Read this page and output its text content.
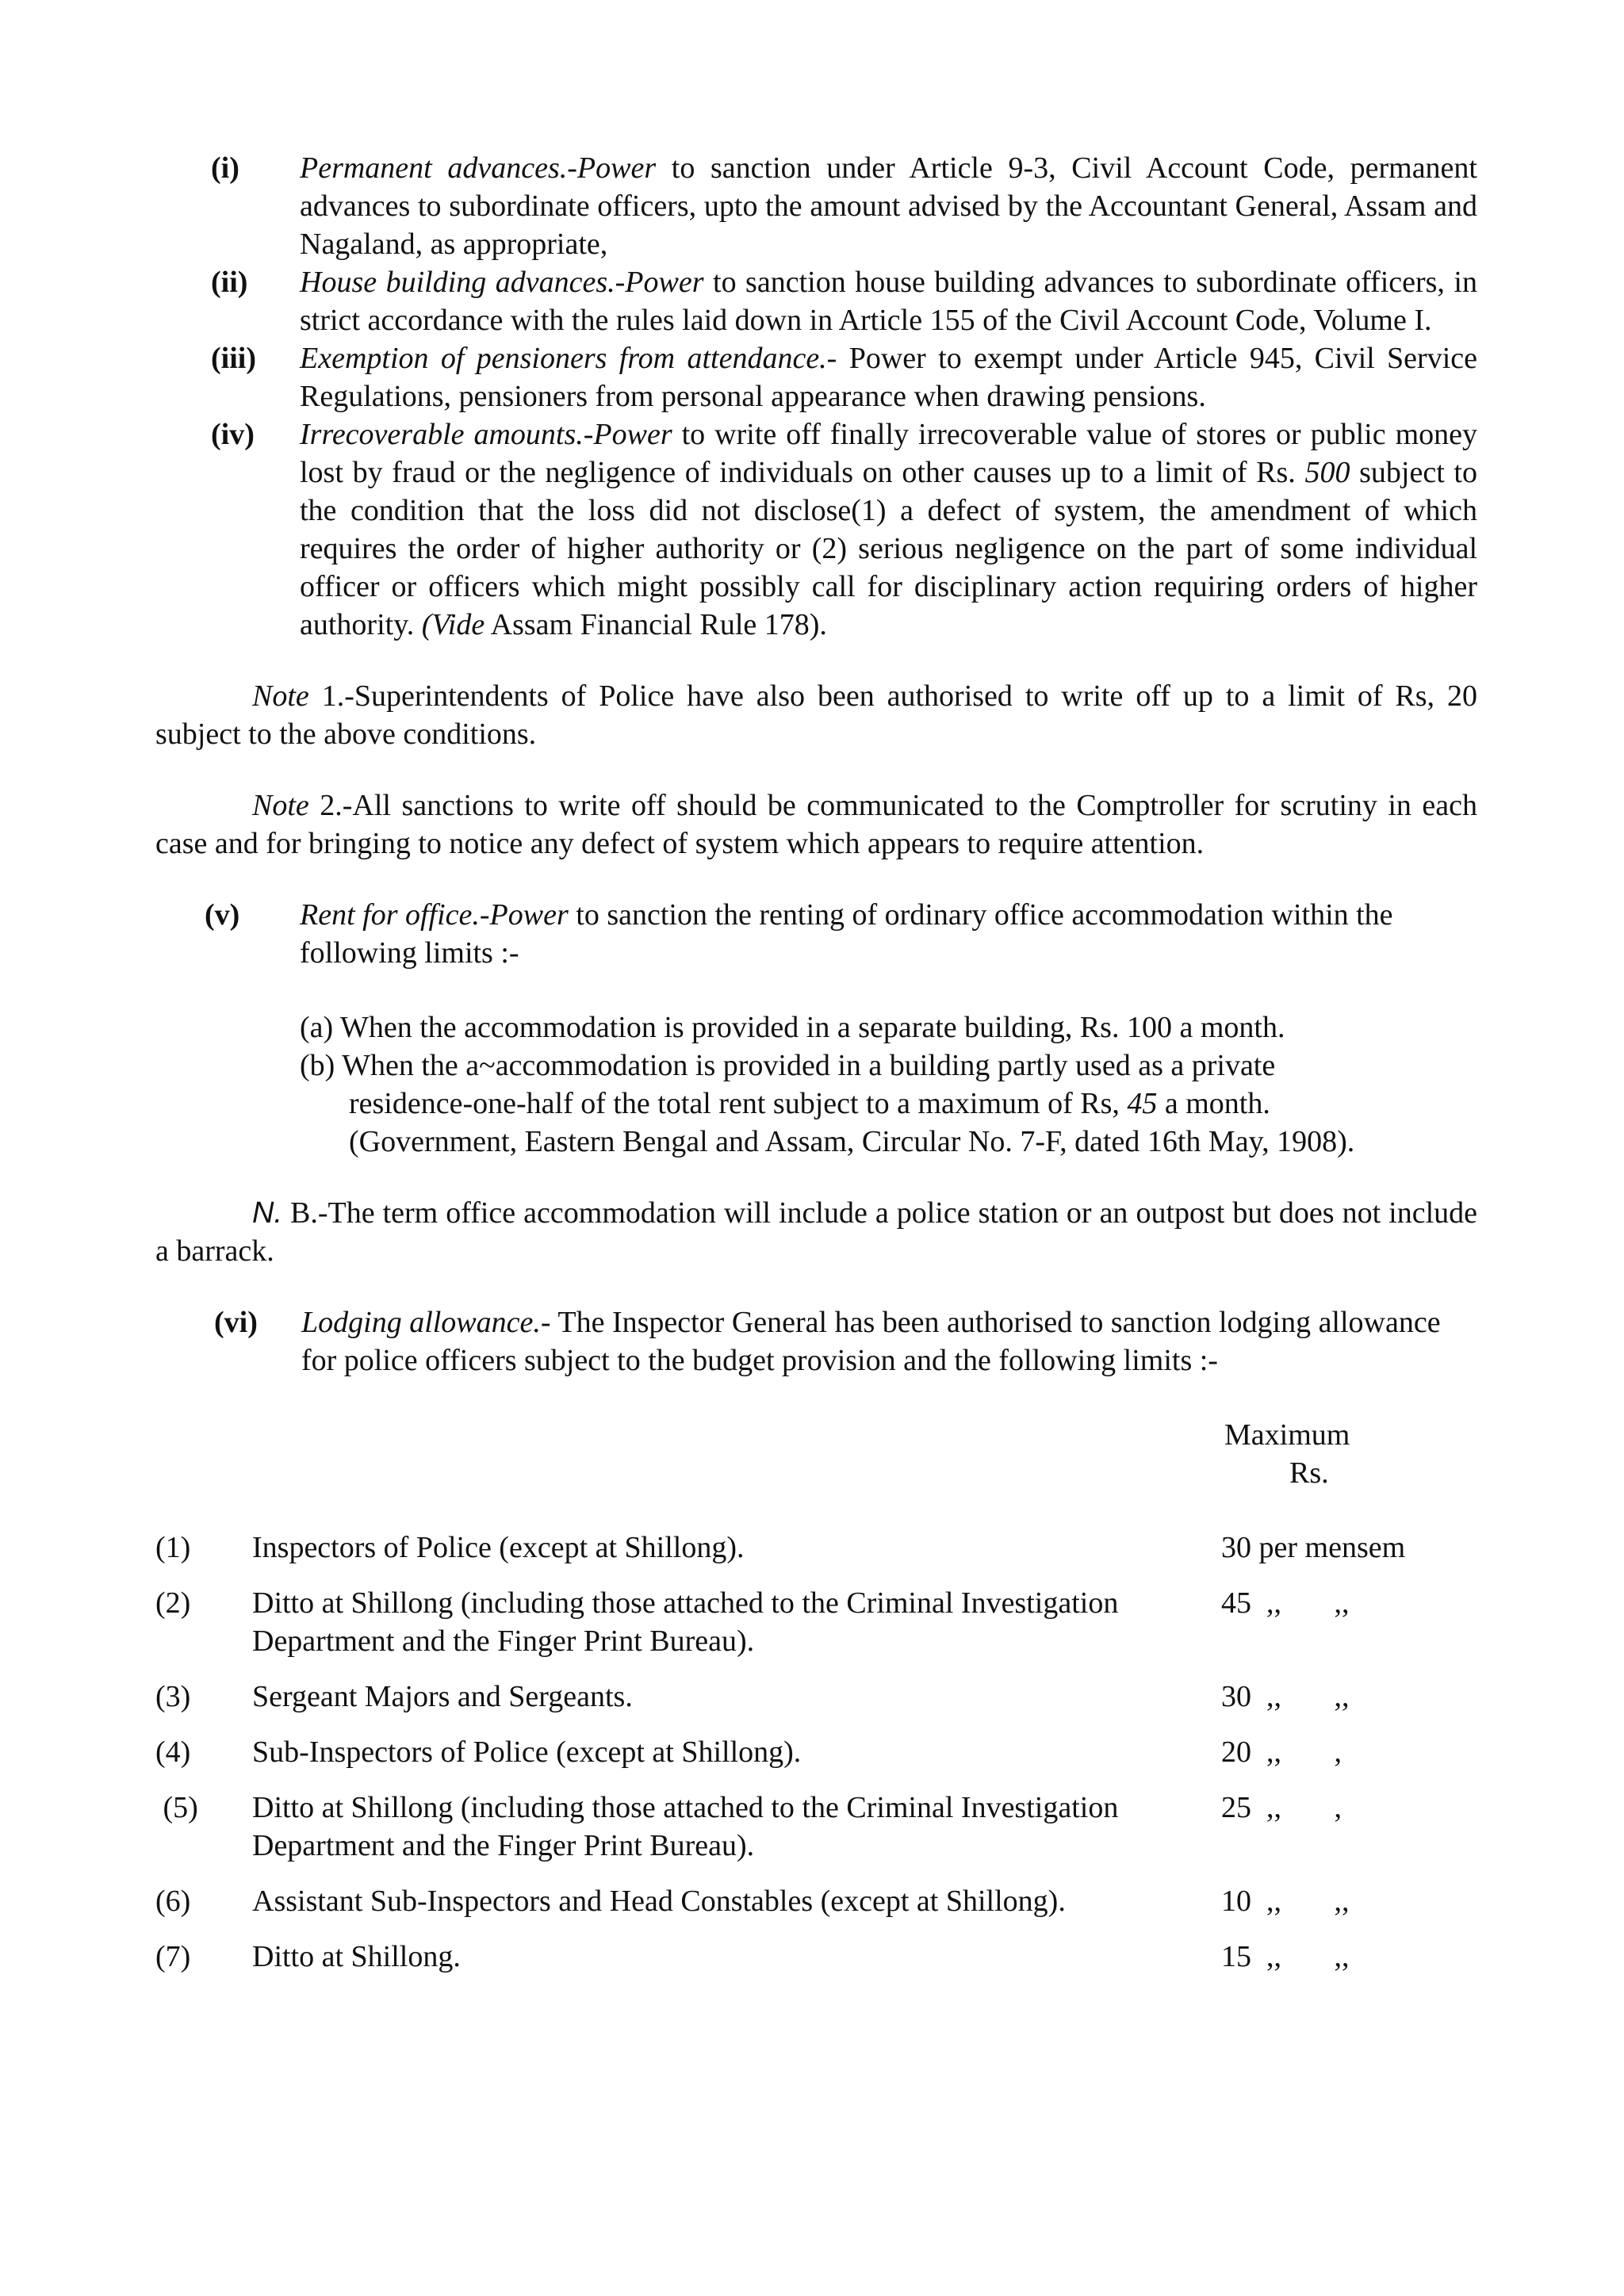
(i)	Permanent advances.-Power to sanction under Article 9-3, Civil Account Code, permanent advances to subordinate officers, upto the amount advised by the Accountant General, Assam and Nagaland, as appropriate,
(ii)	House building advances.-Power to sanction house building advances to subordinate officers, in strict accordance with the rules laid down in Article 155 of the Civil Account Code, Volume I.
(iii)	Exemption of pensioners from attendance.- Power to exempt under Article 945, Civil Service Regulations, pensioners from personal appearance when drawing pensions.
(iv)	Irrecoverable amounts.-Power to write off finally irrecoverable value of stores or public money lost by fraud or the negligence of individuals on other causes up to a limit of Rs. 500 subject to the condition that the loss did not disclose(1) a defect of system, the amendment of which requires the order of higher authority or (2) serious negligence on the part of some individual officer or officers which might possibly call for disciplinary action requiring orders of higher authority. (Vide Assam Financial Rule 178).
Note 1.-Superintendents of Police have also been authorised to write off up to a limit of Rs, 20 subject to the above conditions.
Note 2.-All sanctions to write off should be communicated to the Comptroller for scrutiny in each case and for bringing to notice any defect of system which appears to require attention.
(v)	Rent for office.-Power to sanction the renting of ordinary office accommodation within the following limits :-
(a) When the accommodation is provided in a separate building, Rs. 100 a month.
(b) When the a~accommodation is provided in a building partly used as a private
residence-one-half of the total rent subject to a maximum of Rs, 45 a month.
(Government, Eastern Bengal and Assam, Circular No. 7-F, dated 16th May, 1908).
N. B.-The term office accommodation will include a police station or an outpost but does not include a barrack.
(vi)	Lodging allowance.- The Inspector General has been authorised to sanction lodging allowance for police officers subject to the budget provision and the following limits :-
Maximum
Rs.
(1)	Inspectors of Police (except at Shillong).	30 per mensem
(2)	Ditto at Shillong (including those attached to the Criminal Investigation Department and the Finger Print Bureau).
45  ,,       ,,
(3)	Sergeant Majors and Sergeants.	30  ,,       ,,
(4)	Sub-Inspectors of Police (except at Shillong).	20  ,,       ,
(5)	Ditto at Shillong (including those attached to the Criminal Investigation Department and the Finger Print Bureau).
25  ,,       ,
(6)	Assistant Sub-Inspectors and Head Constables (except at Shillong).	10  ,,       ,,
(7)	Ditto at Shillong.	15  ,,       ,,
